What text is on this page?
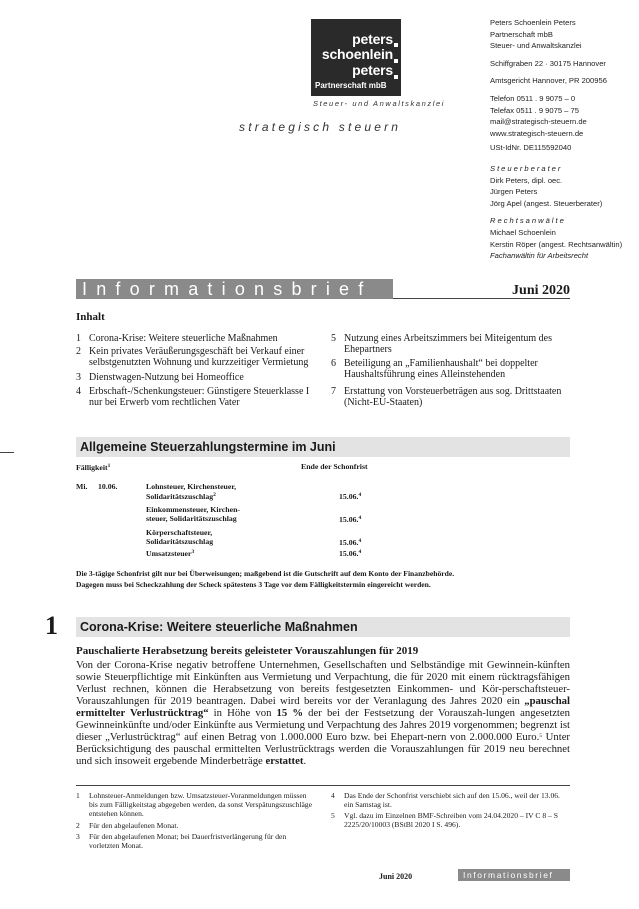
peters
schoenlein
peters
Partnerschaft mbB
Steuer- und Anwaltskanzlei
strategisch steuern
Peters Schoenlein Peters
Partnerschaft mbB
Steuer- und Anwaltskanzlei
Schiffgraben 22 · 30175 Hannover
Amtsgericht Hannover, PR 200956
Telefon 0511 . 9 9075 – 0
Telefax 0511 . 9 9075 – 75
mail@strategisch-steuern.de
www.strategisch-steuern.de
USt-IdNr. DE115592040
Steuerberater
Dirk Peters, dipl. oec.
Jürgen Peters
Jörg Apel (angest. Steuerberater)
Rechtsanwälte
Michael Schoenlein
Kerstin Röper (angest. Rechtsanwältin)
Fachanwältin für Arbeitsrecht
Informationsbrief	Juni 2020
Inhalt
1 Corona-Krise: Weitere steuerliche Maßnahmen
2 Kein privates Veräußerungsgeschäft bei Verkauf einer selbstgenutzten Wohnung und kurzzeitiger Vermietung
3 Dienstwagen-Nutzung bei Homeoffice
4 Erbschaft-/Schenkungsteuer: Günstigere Steuerklasse I nur bei Erwerb vom rechtlichen Vater
5 Nutzung eines Arbeitszimmers bei Miteigentum des Ehepartners
6 Beteiligung an „Familienhaushalt“ bei doppelter Haushaltsführung eines Alleinstehenden
7 Erstattung von Vorsteuerbeträgen aus sog. Drittstaaten (Nicht-EU-Staaten)
Allgemeine Steuerzahlungstermine im Juni
Fälligkeit$^1$	Ende der Schonfrist
Mi. 10.06.	Lohnsteuer, Kirchensteuer,
Solidaritätszuschlag$^2$	15.06.$^4$
Einkommensteuer, Kirchen-
steuer, Solidaritätszuschlag	15.06.$^4$
Körperschaftsteuer,
Solidaritätszuschlag	15.06.$^4$
Umsatzsteuer$^3$	15.06.$^4$
Die 3-tägige Schonfrist gilt nur bei Überweisungen; maßgebend ist die Gutschrift auf dem Konto der Finanzbehörde.
Dagegen muss bei Scheckzahlung der Scheck spätestens 3 Tage vor dem Fälligkeitstermin eingereicht werden.
1 Corona-Krise: Weitere steuerliche Maßnahmen
Pauschalierte Herabsetzung bereits geleisteter Vorauszahlungen für 2019

Von der Corona-Krise negativ betroffene Unternehmen, Gesellschaften und Selbständige mit Gewinnein-künften sowie Steuerpflichtige mit Einkünften aus Vermietung und Verpachtung, die für 2020 mit einem rücktragsfähigen Verlust rechnen, können die Herabsetzung von bereits festgesetzten Einkommen- und Kör-perschaftsteuer-Vorauszahlungen für 2019 beantragen. Dabei wird bereits vor der Veranlagung des Jahres 2020 ein „pauschal ermittelter Verlustrücktrag“ in Höhe von 15 % der bei der Festsetzung der Vorauszah-lungen angesetzten Gewinneinkünfte und/oder Einkünfte aus Vermietung und Verpachtung des Jahres 2019 vorgenommen; begrenzt ist dieser „Verlustrücktrag“ auf einen Betrag von 1.000.000 Euro bzw. bei Ehepart-nern von 2.000.000 Euro.$^5$ Unter Berücksichtigung des pauschal ermittelten Verlustrücktrags werden die Vorauszahlungen für 2019 neu berechnet und sich insoweit ergebende Minderbeträge erstattet.

1 Lohnsteuer-Anmeldungen bzw. Umsatzsteuer-Voranmeldungen müssen bis zum Fälligkeitstag abgegeben werden, da sonst Verspätungszuschläge entstehen können.
2 Für den abgelaufenen Monat.
3 Für den abgelaufenen Monat; bei Dauerfristverlängerung für den vorletzten Monat.
4 Das Ende der Schonfrist verschiebt sich auf den 15.06., weil der 13.06. ein Samstag ist.
5 Vgl. dazu im Einzelnen BMF-Schreiben vom 24.04.2020 – IV C 8 – S 2225/20/10003 (BStBl 2020 I S. 496).
Juni 2020	Informationsbrief
